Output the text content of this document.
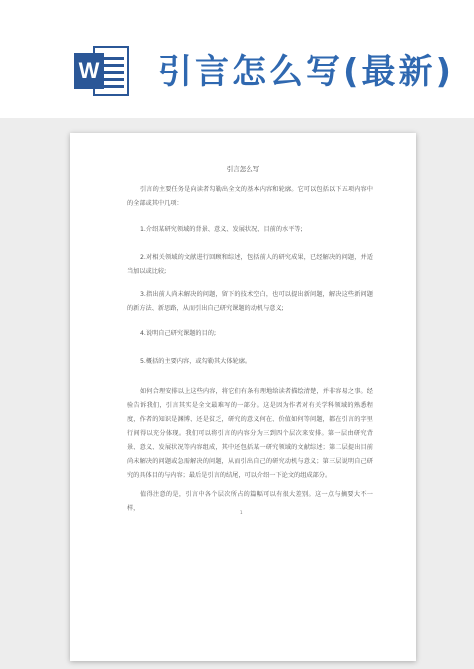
W 引言怎么写(最新)
引言怎么写

引言的主要任务是向读者勾勒出全文的基本内容和轮廓。它可以包括以下五项内容中的全部或其中几项：

1.介绍某研究领域的背景、意义、发展状况、目前的水平等;

2.对相关领域的文献进行回顾和综述，包括前人的研究成果，已经解决的问题，并适当加以或比较;

3.指出前人尚未解决的问题，留下的技术空白，也可以提出新问题，解决这些新问题的新方法、新思路，从而引出自己研究课题的动机与意义;

4.说明自己研究课题的目的;

5.概括的主要内容，或勾勒其大体轮廓。

如何合理安排以上这些内容，将它们有条有理地给读者描绘清楚，并非容易之事。经验告诉我们，引言其实是全文最难写的一部分。这是因为作者对有关学科领域的熟悉程度，作者的知识是渊博、还是贫乏，研究的意义何在、价值如何等问题，都在引言的字里行间得以充分体现。我们可以将引言的内容分为三到四个层次来安排。第一层由研究背景、意义、发展状况等内容组成，其中还包括某一研究领域的文献综述；第二层提出目前尚未解决的问题或急需解决的问题，从而引出自己的研究动机与意义；第三层说明自己研究的具体目的与内容；最后是引言的结尾，可以介绍一下论文的组成部分。

值得注意的是，引言中各个层次所占的篇幅可以有很大差别。这一点与摘要大不一样，

1
